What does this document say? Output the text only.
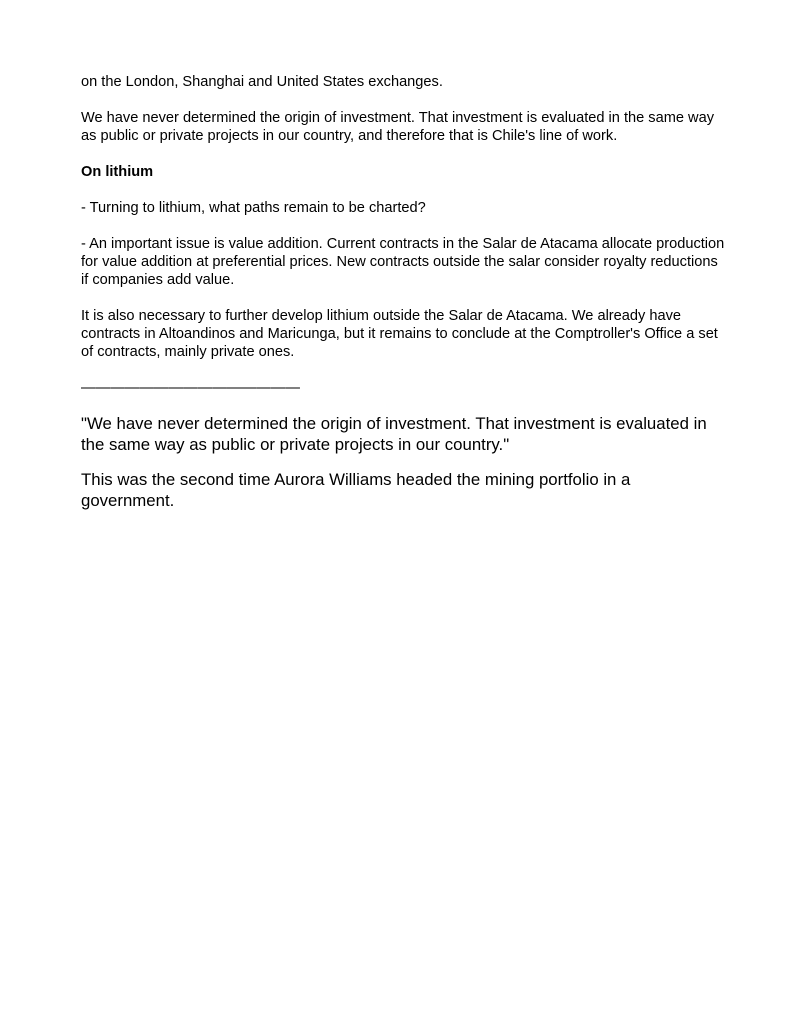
on the London, Shanghai and United States exchanges.

We have never determined the origin of investment. That investment is evaluated in the same way as public or private projects in our country, and therefore that is Chile's line of work.

On lithium

- Turning to lithium, what paths remain to be charted?

- An important issue is value addition. Current contracts in the Salar de Atacama allocate production for value addition at preferential prices. New contracts outside the salar consider royalty reductions if companies add value.

It is also necessary to further develop lithium outside the Salar de Atacama. We already have contracts in Altoandinos and Maricunga, but it remains to conclude at the Comptroller's Office a set of contracts, mainly private ones.

———————————————

"We have never determined the origin of investment. That investment is evaluated in the same way as public or private projects in our country."

This was the second time Aurora Williams headed the mining portfolio in a government.
